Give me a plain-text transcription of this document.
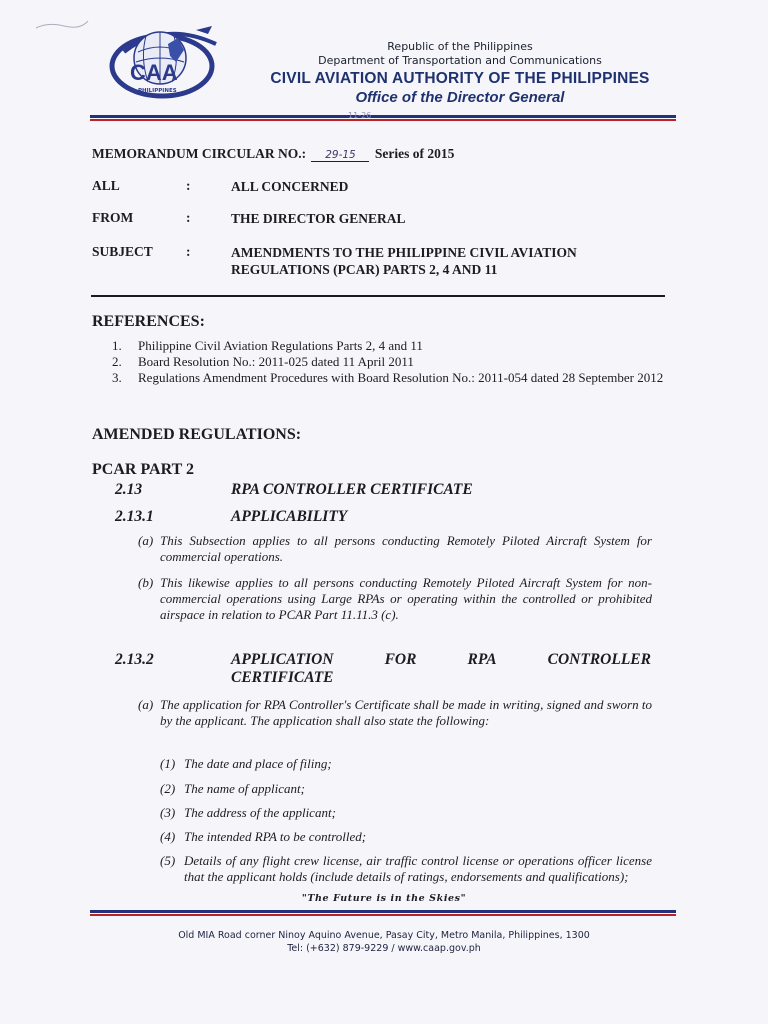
CAA
PHILIPPINES
Republic of the Philippines
Department of Transportation and Communications
CIVIL AVIATION AUTHORITY OF THE PHILIPPINES
Office of the Director General
11-26
MEMORANDUM CIRCULAR NO.: 29-15 Series of 2015
ALL	:	ALL CONCERNED
FROM	:	THE DIRECTOR GENERAL
SUBJECT	:	AMENDMENTS TO THE PHILIPPINE CIVIL AVIATION REGULATIONS (PCAR) PARTS 2, 4 AND 11
REFERENCES:
1. Philippine Civil Aviation Regulations Parts 2, 4 and 11
2. Board Resolution No.: 2011-025 dated 11 April 2011
3. Regulations Amendment Procedures with Board Resolution No.: 2011-054 dated 28 September 2012
AMENDED REGULATIONS:
PCAR PART 2
2.13	RPA CONTROLLER CERTIFICATE
2.13.1	APPLICABILITY
(a) This Subsection applies to all persons conducting Remotely Piloted Aircraft System for commercial operations.
(b) This likewise applies to all persons conducting Remotely Piloted Aircraft System for non-commercial operations using Large RPAs or operating within the controlled or prohibited airspace in relation to PCAR Part 11.11.3 (c).
2.13.2	APPLICATION	FOR	RPA	CONTROLLER
CERTIFICATE
(a) The application for RPA Controller's Certificate shall be made in writing, signed and sworn to by the applicant. The application shall also state the following:
(1) The date and place of filing;
(2) The name of applicant;
(3) The address of the applicant;
(4) The intended RPA to be controlled;
(5) Details of any flight crew license, air traffic control license or operations officer license that the applicant holds (include details of ratings, endorsements and qualifications);
"The Future is in the Skies"
Old MIA Road corner Ninoy Aquino Avenue, Pasay City, Metro Manila, Philippines, 1300
Tel: (+632) 879-9229 / www.caap.gov.ph
